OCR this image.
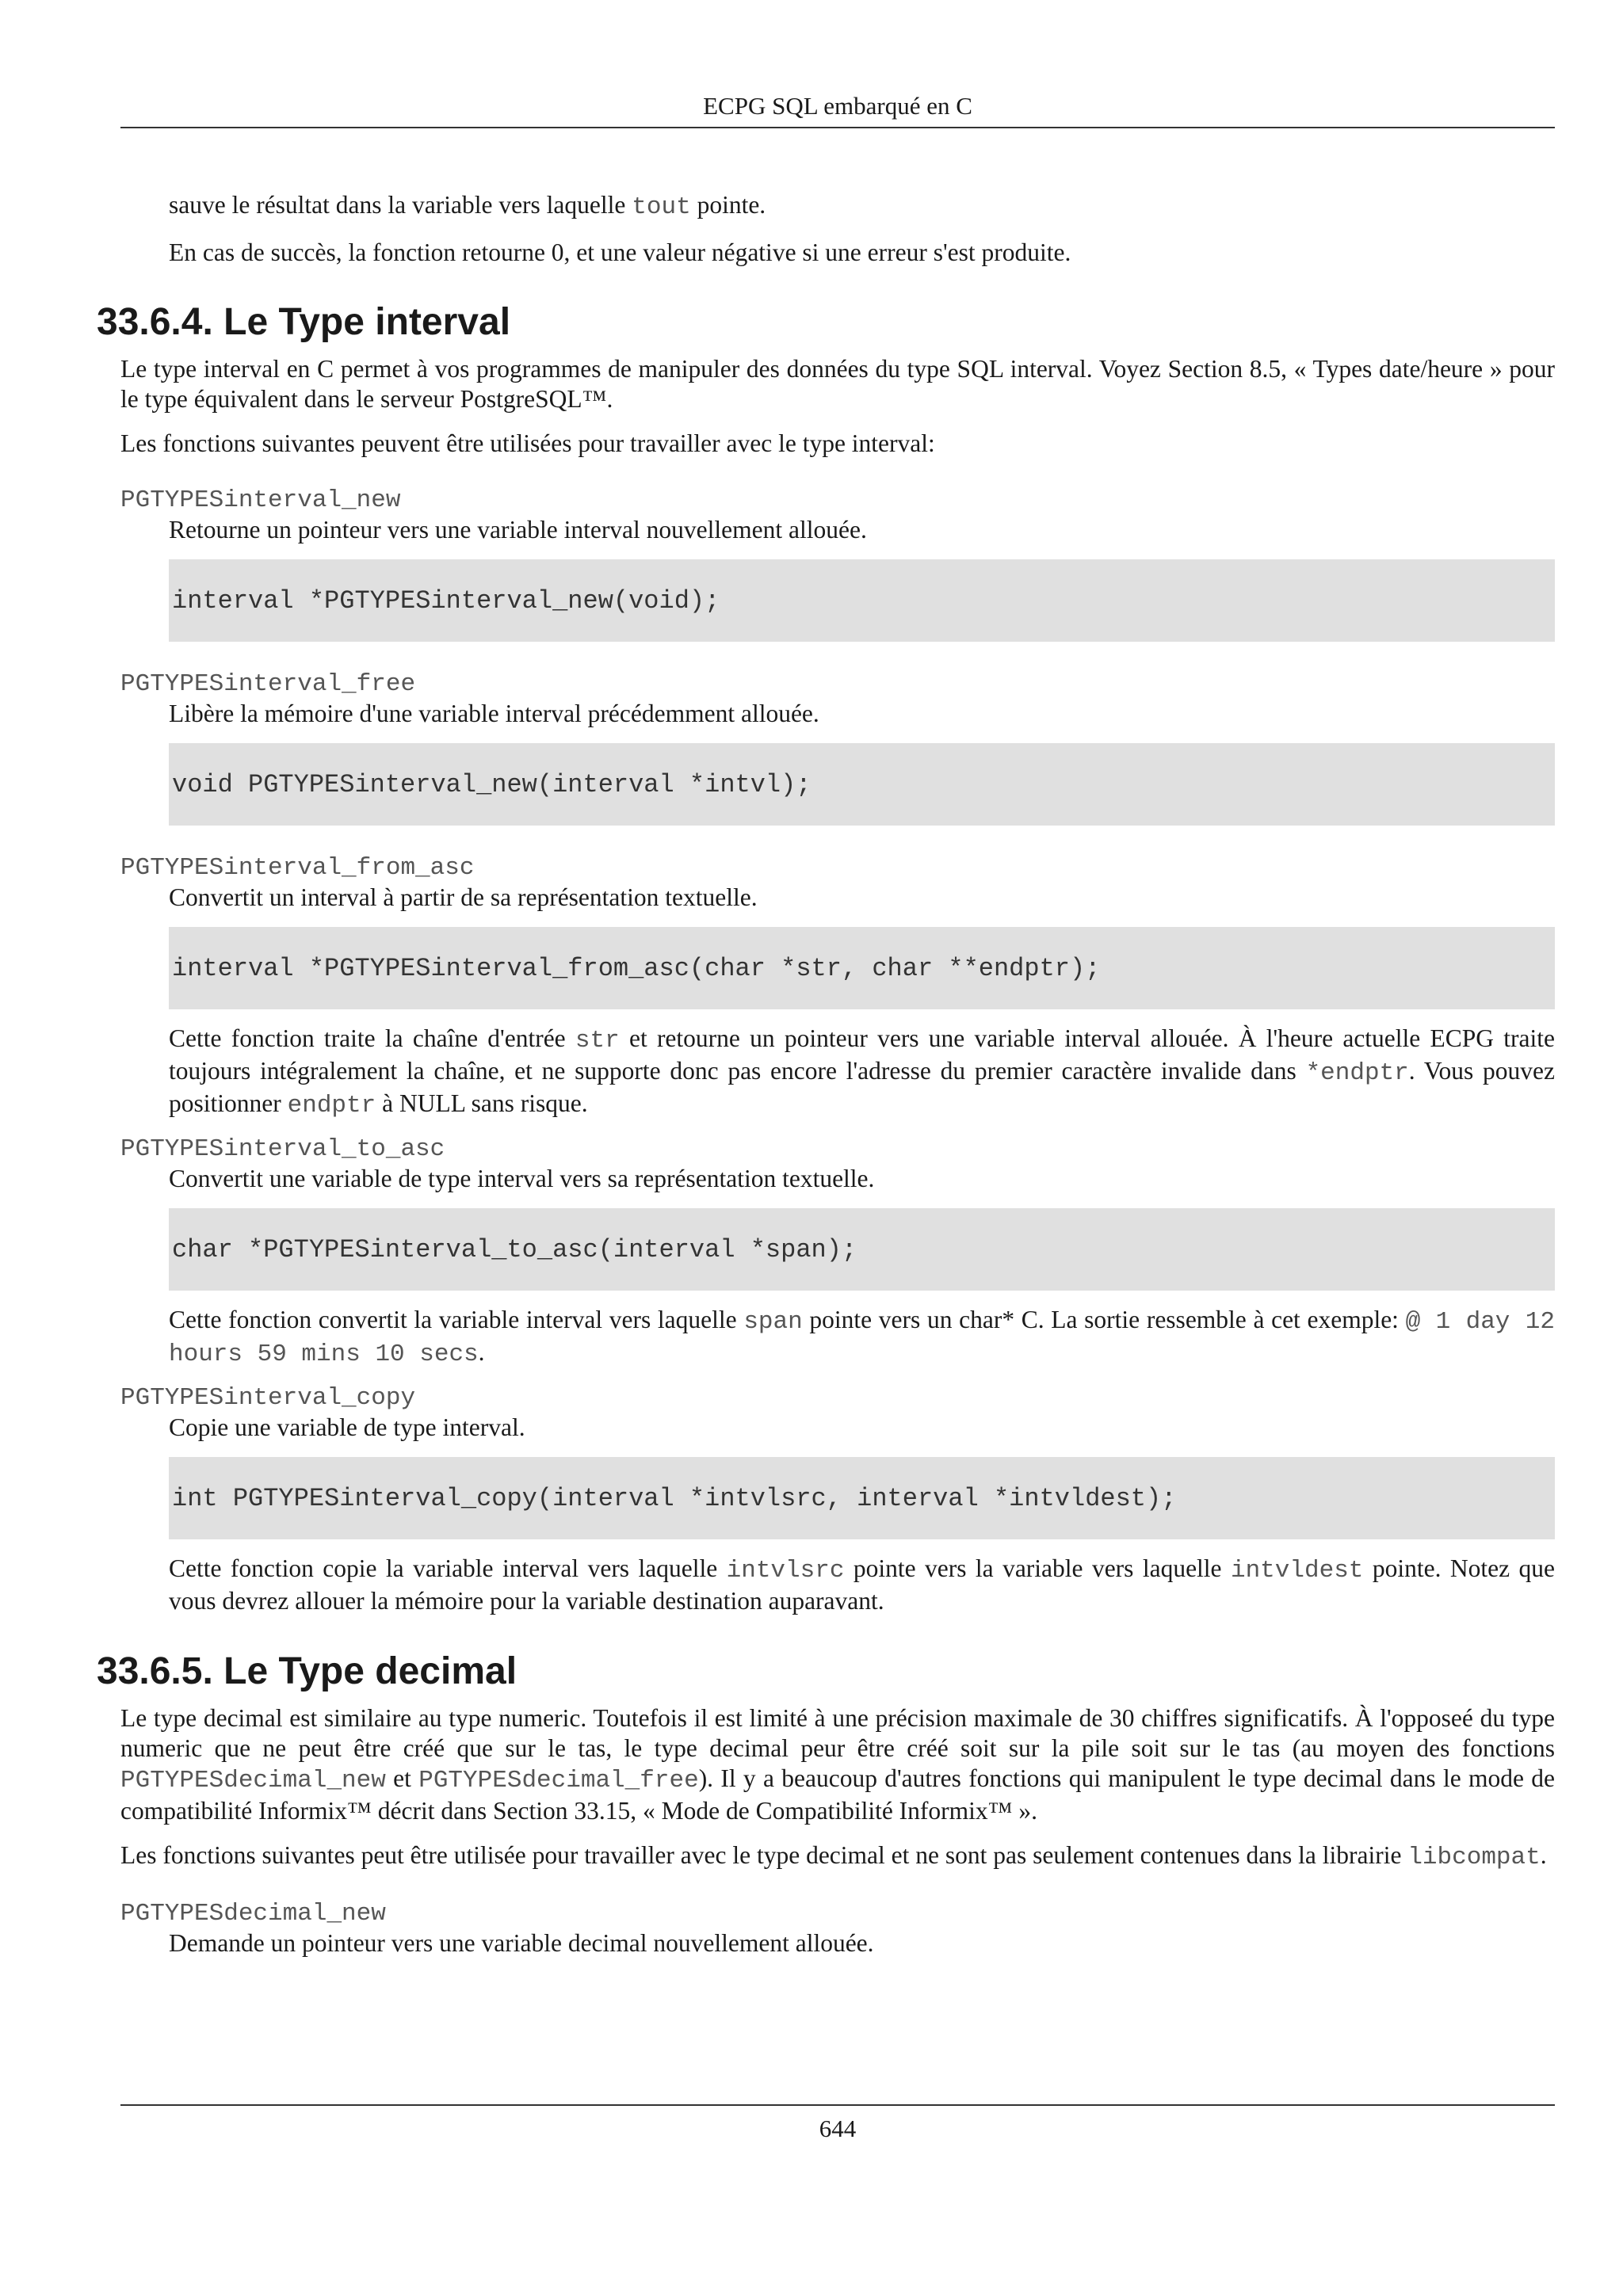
ECPG SQL embarqué en C

sauve le résultat dans la variable vers laquelle tout pointe.

En cas de succès, la fonction retourne 0, et une valeur négative si une erreur s'est produite.

33.6.4. Le Type interval

Le type interval en C permet à vos programmes de manipuler des données du type SQL interval. Voyez Section 8.5, « Types date/heure » pour le type équivalent dans le serveur PostgreSQL™.

Les fonctions suivantes peuvent être utilisées pour travailler avec le type interval:

PGTYPESinterval_new

Retourne un pointeur vers une variable interval nouvellement allouée.

interval *PGTYPESinterval_new(void);
PGTYPESinterval_free

Libère la mémoire d'une variable interval précédemment allouée.

void PGTYPESinterval_new(interval *intvl);
PGTYPESinterval_from_asc

Convertit un interval à partir de sa représentation textuelle.

interval *PGTYPESinterval_from_asc(char *str, char **endptr);

Cette fonction traite la chaîne d'entrée str et retourne un pointeur vers une variable interval allouée. À l'heure actuelle ECPG traite toujours intégralement la chaîne, et ne supporte donc pas encore l'adresse du premier caractère invalide dans *endptr. Vous pouvez positionner endptr à NULL sans risque.

PGTYPESinterval_to_asc

Convertit une variable de type interval vers sa représentation textuelle.

char *PGTYPESinterval_to_asc(interval *span);

Cette fonction convertit la variable interval vers laquelle span pointe vers un char* C. La sortie ressemble à cet exemple: @ 1 day 12 hours 59 mins 10 secs.

PGTYPESinterval_copy

Copie une variable de type interval.

int PGTYPESinterval_copy(interval *intvlsrc, interval *intvldest);

Cette fonction copie la variable interval vers laquelle intvlsrc pointe vers la variable vers laquelle intvldest pointe. Notez que vous devrez allouer la mémoire pour la variable destination auparavant.

33.6.5. Le Type decimal

Le type decimal est similaire au type numeric. Toutefois il est limité à une précision maximale de 30 chiffres significatifs. À l'opposeé du type numeric que ne peut être créé que sur le tas, le type decimal peur être créé soit sur la pile soit sur le tas (au moyen des fonctions PGTYPESdecimal_new et PGTYPESdecimal_free). Il y a beaucoup d'autres fonctions qui manipulent le type decimal dans le mode de compatibilité Informix™ décrit dans Section 33.15, « Mode de Compatibilité Informix™ ».

Les fonctions suivantes peut être utilisée pour travailler avec le type decimal et ne sont pas seulement contenues dans la librairie libcompat.

PGTYPESdecimal_new

Demande un pointeur vers une variable decimal nouvellement allouée.

644
